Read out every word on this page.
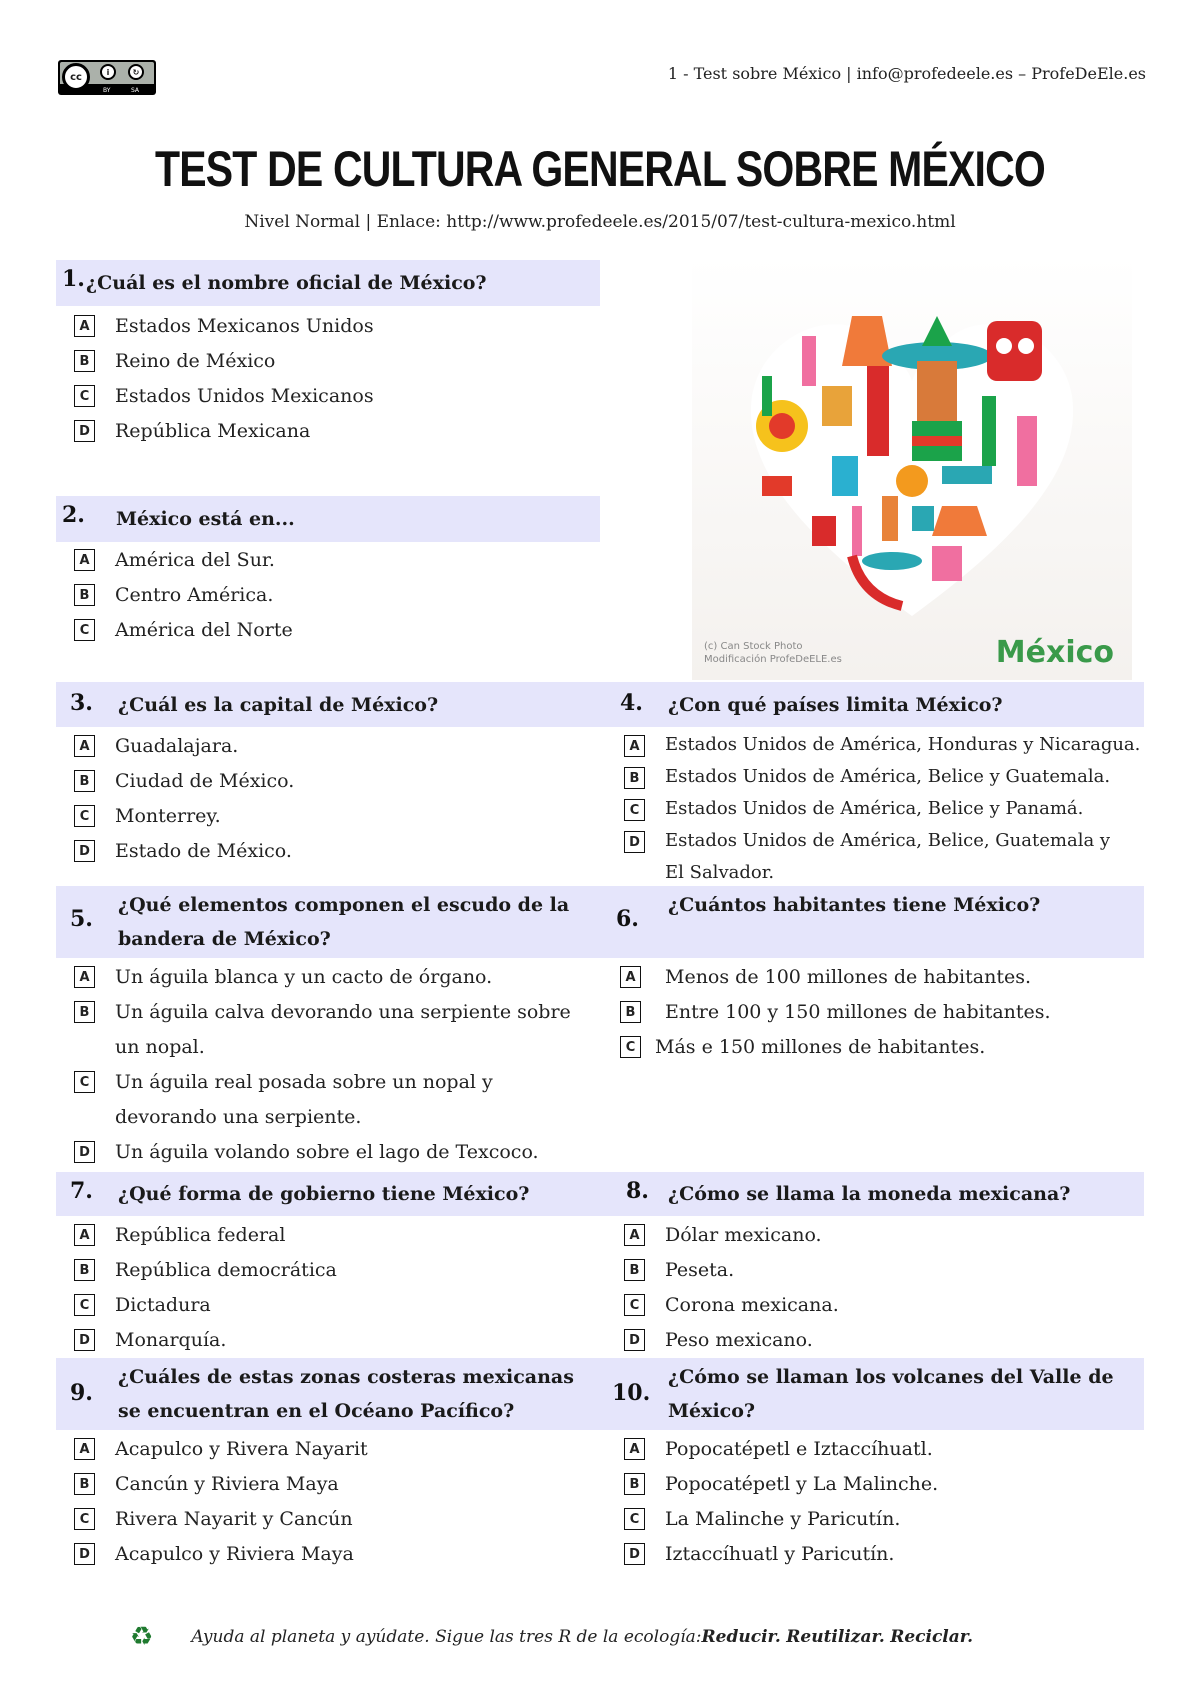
cc	i	↻
BY	SA
1 - Test sobre México | info@profedeele.es – ProfeDeEle.es
TEST DE CULTURA GENERAL SOBRE MÉXICO
Nivel Normal | Enlace: http://www.profedeele.es/2015/07/test-cultura-mexico.html
(c) Can Stock Photo
Modificación ProfeDeELE.es	México
1. ¿Cuál es el nombre oficial de México?
A Estados Mexicanos Unidos
B Reino de México
C	Estados Unidos Mexicanos
D República Mexicana
2. México está en...
A América del Sur.
B Centro América.
C	América del Norte
3. ¿Cuál es la capital de México?
A Guadalajara.
B Ciudad de México.
C	Monterrey.
D Estado de México.
4. ¿Con qué países limita México?
A	Estados Unidos de América, Honduras y Nicaragua.
B	Estados Unidos de América, Belice y Guatemala.
C	Estados Unidos de América, Belice y Panamá.
D Estados Unidos de América, Belice, Guatemala y El Salvador.
5.
¿Qué elementos componen el escudo de la bandera de México?
A Un águila blanca y un cacto de órgano.
B Un águila calva devorando una serpiente sobre un nopal.
C	Un águila real posada sobre un nopal y devorando una serpiente.
D Un águila volando sobre el lago de Texcoco.
6.
¿Cuántos habitantes tiene México?
A Menos de 100 millones de habitantes.
B Entre 100 y 150 millones de habitantes.
C	Más e 150 millones de habitantes.
7. ¿Qué forma de gobierno tiene México?
A República federal
B República democrática
C	Dictadura
D Monarquía.
8. ¿Cómo se llama la moneda mexicana?
A Dólar mexicano.
B Peseta.
C	Corona mexicana.
D Peso mexicano.
9.
¿Cuáles de estas zonas costeras mexicanas se encuentran en el Océano Pacífico?
A Acapulco y Rivera Nayarit
B Cancún y Riviera Maya
C	Rivera Nayarit y Cancún
D Acapulco y Riviera Maya
10.
¿Cómo se llaman los volcanes del Valle de México?
A Popocatépetl e Iztaccíhuatl.
B Popocatépetl y La Malinche.
C	La Malinche y Paricutín.
D Iztaccíhuatl y Paricutín.
♻ Ayuda al planeta y ayúdate. Sigue las tres R de la ecología: Reducir.
Reutilizar.
Reciclar.
